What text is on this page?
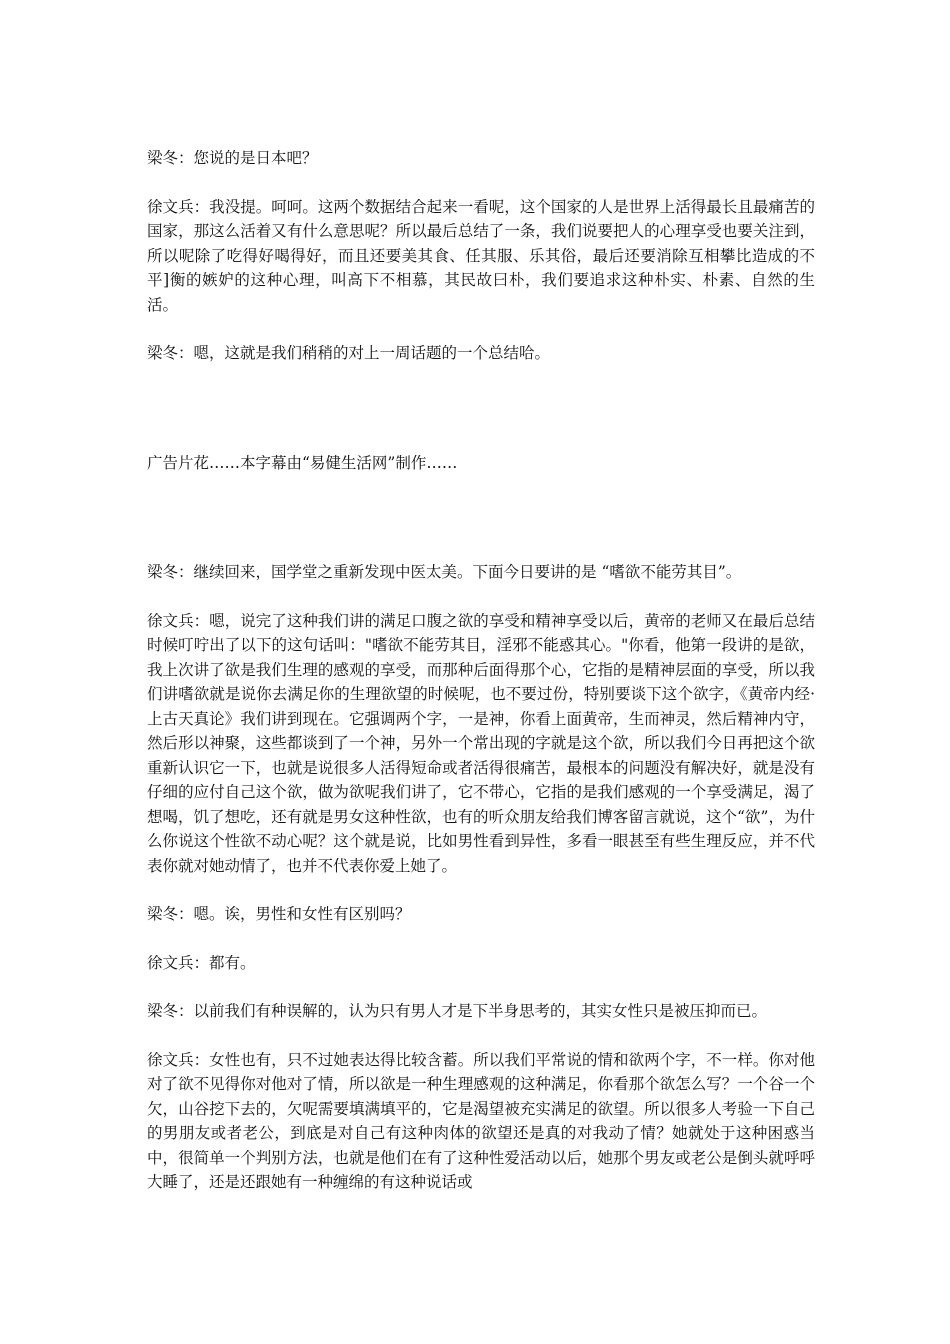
梁冬：您说的是日本吧？

徐文兵：我没提。呵呵。这两个数据结合起来一看呢，这个国家的人是世界上活得最长且最痛苦的国家，那这么活着又有什么意思呢？所以最后总结了一条，我们说要把人的心理享受也要关注到，所以呢除了吃得好喝得好，而且还要美其食、任其服、乐其俗，最后还要消除互相攀比造成的不平]衡的嫉妒的这种心理，叫高下不相慕，其民故曰朴，我们要追求这种朴实、朴素、自然的生活。

梁冬：嗯，这就是我们稍稍的对上一周话题的一个总结哈。

广告片花……本字幕由“易健生活网”制作……

梁冬：继续回来，国学堂之重新发现中医太美。下面今日要讲的是 “嗜欲不能劳其目”。

徐文兵：嗯，说完了这种我们讲的满足口腹之欲的享受和精神享受以后，黄帝的老师又在最后总结时候叮咛出了以下的这句话叫："嗜欲不能劳其目，淫邪不能惑其心。"你看，他第一段讲的是欲，我上次讲了欲是我们生理的感观的享受，而那种后面得那个心，它指的是精神层面的享受，所以我们讲嗜欲就是说你去满足你的生理欲望的时候呢，也不要过份，特别要谈下这个欲字，《黄帝内经·上古天真论》我们讲到现在。它强调两个字，一是神，你看上面黄帝，生而神灵，然后精神内守，然后形以神聚，这些都谈到了一个神，另外一个常出现的字就是这个欲，所以我们今日再把这个欲重新认识它一下，也就是说很多人活得短命或者活得很痛苦，最根本的问题没有解决好，就是没有仔细的应付自己这个欲，做为欲呢我们讲了，它不带心，它指的是我们感观的一个享受满足，渴了想喝，饥了想吃，还有就是男女这种性欲，也有的听众朋友给我们博客留言就说，这个“欲”，为什么你说这个性欲不动心呢？这个就是说，比如男性看到异性，多看一眼甚至有些生理反应，并不代表你就对她动情了，也并不代表你爱上她了。

梁冬：嗯。诶，男性和女性有区别吗？

徐文兵：都有。

梁冬：以前我们有种误解的，认为只有男人才是下半身思考的，其实女性只是被压抑而已。

徐文兵：女性也有，只不过她表达得比较含蓄。所以我们平常说的情和欲两个字，不一样。你对他对了欲不见得你对他对了情，所以欲是一种生理感观的这种满足，你看那个欲怎么写？一个谷一个欠，山谷挖下去的，欠呢需要填满填平的，它是渴望被充实满足的欲望。所以很多人考验一下自己的男朋友或者老公，到底是对自己有这种肉体的欲望还是真的对我动了情？她就处于这种困惑当中，很简单一个判别方法，也就是他们在有了这种性爱活动以后，她那个男友或老公是倒头就呼呼大睡了，还是还跟她有一种缠绵的有这种说话或
